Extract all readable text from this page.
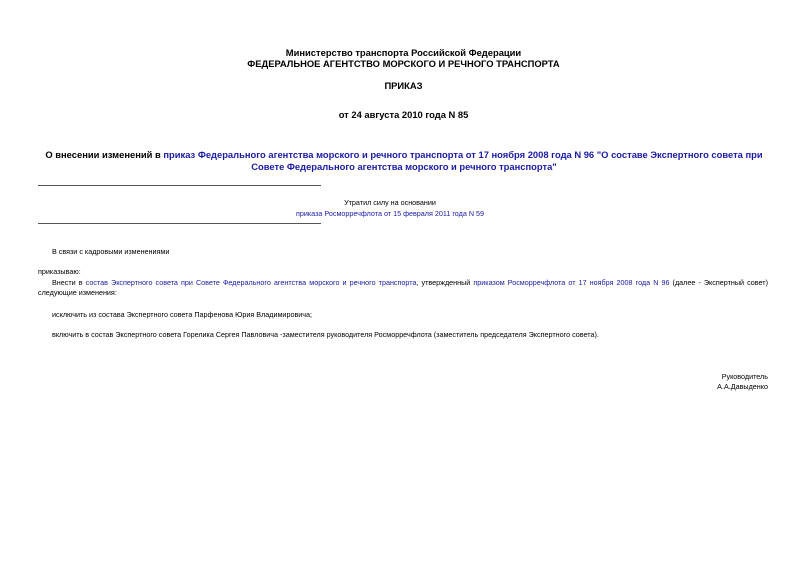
Министерство транспорта Российской Федерации
ФЕДЕРАЛЬНОЕ АГЕНТСТВО МОРСКОГО И РЕЧНОГО ТРАНСПОРТА
ПРИКАЗ
от 24 августа 2010 года N 85
О внесении изменений в приказ Федерального агентства морского и речного транспорта от 17 ноября 2008 года N 96 "О составе Экспертного совета при Совете Федерального агентства морского и речного транспорта"
Утратил силу на основании
приказа Росморречфлота от 15 февраля 2011 года N 59
В связи с кадровыми изменениями
приказываю:
Внести в состав Экспертного совета при Совете Федерального агентства морского и речного транспорта, утвержденный приказом Росморречфлота от 17 ноября 2008 года N 96 (далее - Экспертный совет) следующие изменения:
исключить из состава Экспертного совета Парфенова Юрия Владимировича;
включить в состав Экспертного совета Горелика Сергея Павловича -заместителя руководителя Росморречфлота (заместитель председателя Экспертного совета).
Руководитель
А.А.Давыденко
